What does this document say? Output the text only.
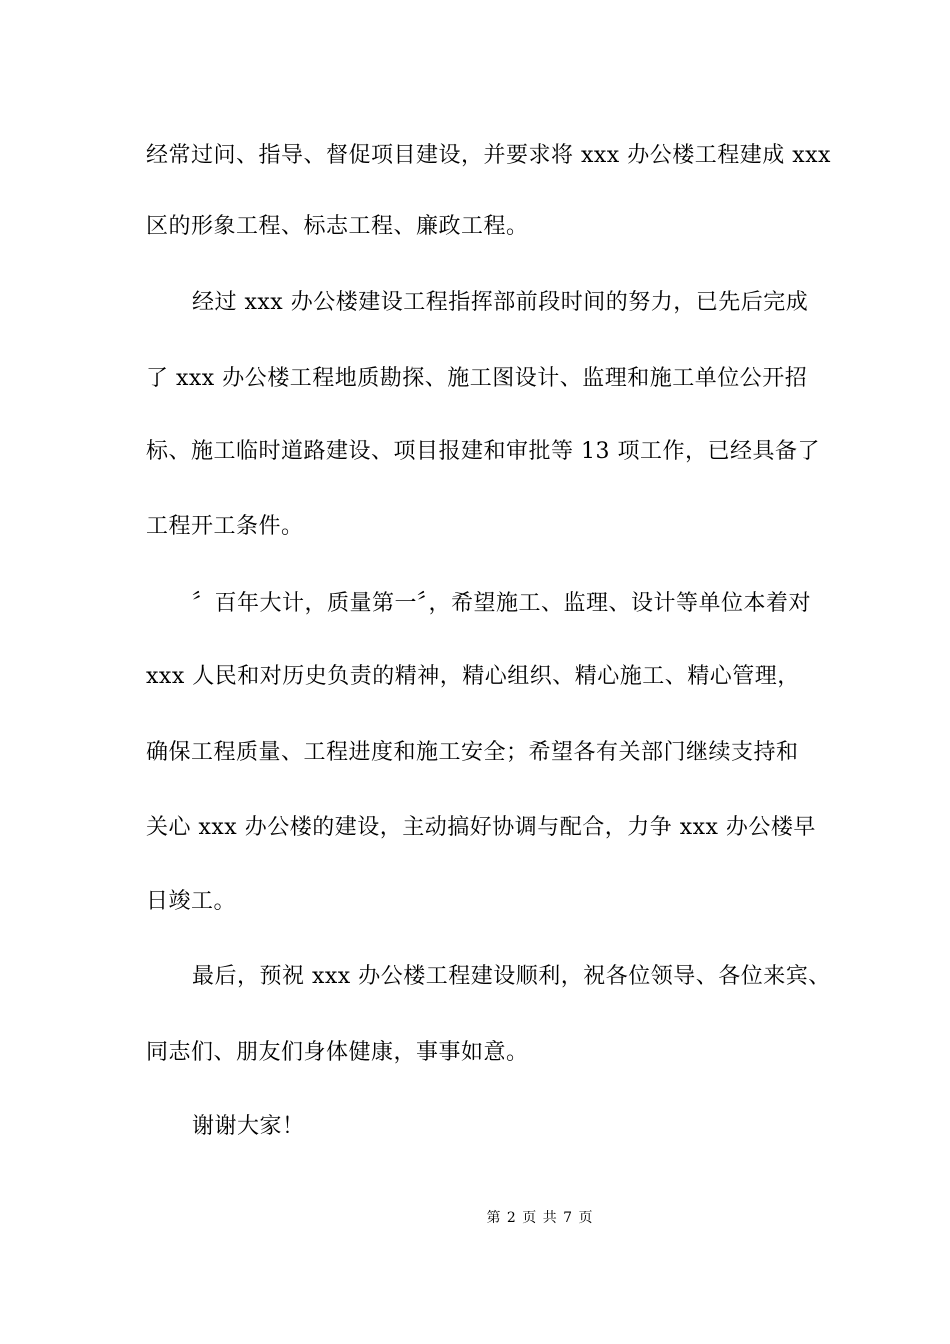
经常过问、指导、督促项目建设，并要求将 xxx 办公楼工程建成 xxx
区的形象工程、标志工程、廉政工程。
经过 xxx 办公楼建设工程指挥部前段时间的努力，已先后完成
了 xxx 办公楼工程地质勘探、施工图设计、监理和施工单位公开招
标、施工临时道路建设、项目报建和审批等 13 项工作，已经具备了
工程开工条件。
〞百年大计，质量第一〞，希望施工、监理、设计等单位本着对
xxx 人民和对历史负责的精神，精心组织、精心施工、精心管理，
确保工程质量、工程进度和施工安全；希望各有关部门继续支持和
关心 xxx 办公楼的建设，主动搞好协调与配合，力争 xxx 办公楼早
日竣工。
最后，预祝 xxx 办公楼工程建设顺利，祝各位领导、各位来宾、
同志们、朋友们身体健康，事事如意。
谢谢大家！
第 2 页 共 7 页
